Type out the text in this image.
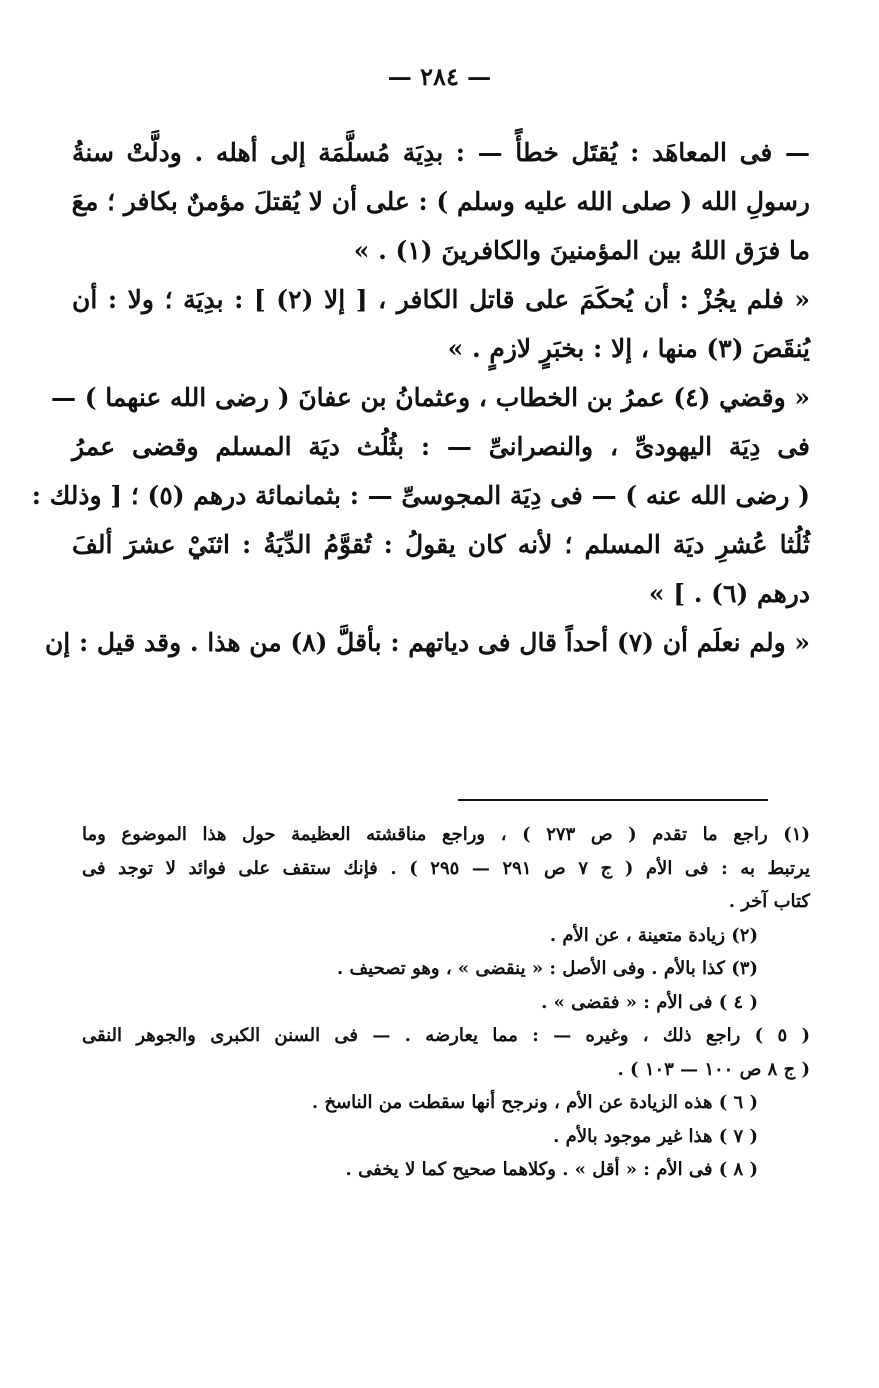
— ٢٨٤ —
— فى المعاهَد : يُقتَل خطأً — : بدِيَة مُسلَّمَة إلى أهله . ودلَّتْ سنةُ
رسولِ الله ( صلى الله عليه وسلم ) : على أن لا يُقتلَ مؤمنٌ بكافر ؛ معَ
ما فرَق اللهُ بين المؤمنينَ والكافرينَ (١) . »
« فلم يجُزْ : أن يُحكَمَ على قاتل الكافر ، [ إلا (٢) ] : بدِيَة ؛ ولا : أن
يُنقَصَ (٣) منها ، إلا : بخبَرٍ لازمٍ . »
« وقضي (٤) عمرُ بن الخطاب ، وعثمانُ بن عفانَ ( رضى الله عنهما ) —
فى دِيَة اليهودىِّ ، والنصرانىِّ — : بثُلُث ديَة المسلم وقضى عمرُ
( رضى الله عنه ) — فى دِيَة المجوسىِّ — : بثمانمائة درهم (٥) ؛ [ وذلك :
ثُلُثا عُشرِ ديَة المسلم ؛ لأنه كان يقولُ : تُقوَّمُ الدِّيَةُ : اثنَيْ عشرَ ألفَ
درهم (٦) . ] »
« ولم نعلَم أن (٧) أحداً قال فى دياتهم : بأقلَّ (٨) من هذا . وقد قيل : إن
(١) راجع ما تقدم ( ص ٢٧٣ ) ، وراجع مناقشته العظيمة حول هذا الموضوع وما
يرتبط به : فى الأم ( ج ٧ ص ٢٩١ — ٢٩٥ ) . فإنك ستقف على فوائد لا توجد فى
كتاب آخر .
(٢) زيادة متعينة ، عن الأم .
(٣) كذا بالأم . وفى الأصل : « ينقضى » ، وهو تصحيف .
( ٤ ) فى الأم : « فقضى » .
( ٥ ) راجع ذلك ، وغيره — : مما يعارضه . — فى السنن الكبرى والجوهر النقى
( ج ٨ ص ١٠٠ — ١٠٣ ) .
( ٦ ) هذه الزيادة عن الأم ، ونرجح أنها سقطت من الناسخ .
( ٧ ) هذا غير موجود بالأم .
( ٨ ) فى الأم : « أقل » . وكلاهما صحيح كما لا يخفى .
